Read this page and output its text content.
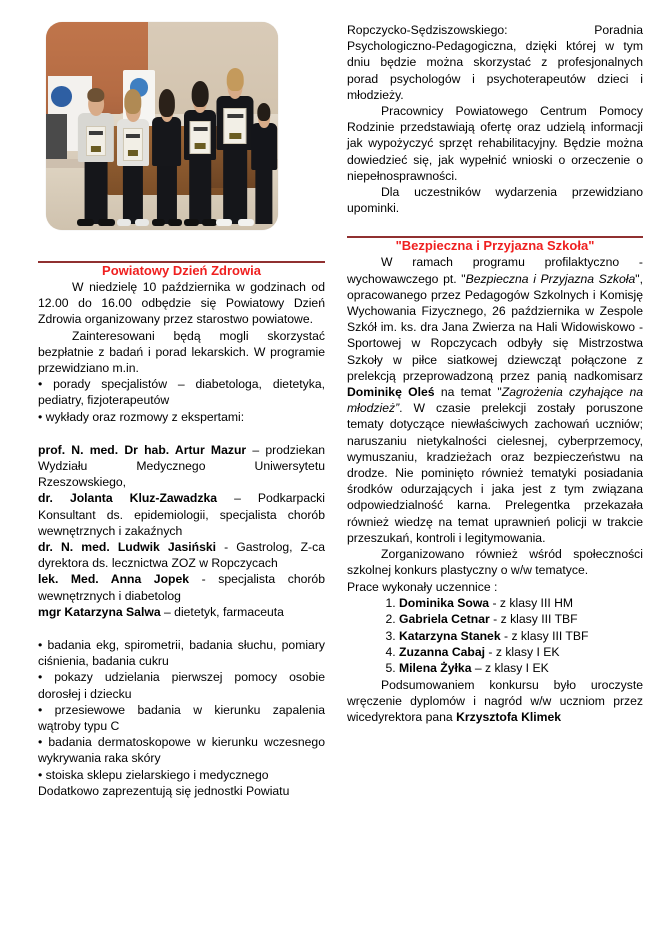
Powiatowy Dzień Zdrowia

W niedzielę 10 października w godzinach od 12.00 do 16.00 odbędzie się Powiatowy Dzień Zdrowia organizowany przez starostwo powiatowe.

Zainteresowani będą mogli skorzystać bezpłatnie z badań i porad lekarskich. W programie przewidziano m.in.

• porady specjalistów – diabetologa, dietetyka, pediatry, fizjoterapeutów

• wykłady oraz rozmowy z ekspertami:

prof. N. med. Dr hab. Artur Mazur – prodziekan Wydziału Medycznego Uniwersytetu Rzeszowskiego,

dr. Jolanta Kluz-Zawadzka – Podkarpacki Konsultant ds. epidemiologii, specjalista chorób wewnętrznych i zakaźnych

dr. N. med. Ludwik Jasiński - Gastrolog, Z-ca dyrektora ds. lecznictwa ZOZ w Ropczycach

lek. Med. Anna Jopek - specjalista chorób wewnętrznych i diabetolog

mgr Katarzyna Salwa – dietetyk, farmaceuta

• badania ekg, spirometrii, badania słuchu, pomiary ciśnienia, badania cukru

• pokazy udzielania pierwszej pomocy osobie dorosłej i dziecku

• przesiewowe badania w kierunku zapalenia wątroby typu C

• badania dermatoskopowe w kierunku wczesnego wykrywania raka skóry

• stoiska sklepu zielarskiego i medycznego

Dodatkowo zaprezentują się jednostki Powiatu

Ropczycko-Sędziszowskiego: Poradnia Psychologiczno-Pedagogiczna, dzięki której w tym dniu będzie można skorzystać z profesjonalnych porad psychologów i psychoterapeutów dzieci i młodzieży.

Pracownicy Powiatowego Centrum Pomocy Rodzinie przedstawiają ofertę oraz udzielą informacji jak wypożyczyć sprzęt rehabilitacyjny. Będzie można dowiedzieć się, jak wypełnić wnioski o orzeczenie o niepełnosprawności.

Dla uczestników wydarzenia przewidziano upominki.

"Bezpieczna i Przyjazna Szkoła"

W ramach programu profilaktyczno - wychowawczego pt. "Bezpieczna i Przyjazna Szkoła", opracowanego przez Pedagogów Szkolnych i Komisję Wychowania Fizycznego, 26 października w Zespole Szkół im. ks. dra Jana Zwierza na Hali Widowiskowo -Sportowej w Ropczycach odbyły się Mistrzostwa Szkoły w piłce siatkowej dziewcząt połączone z prelekcją przeprowadzoną przez panią nadkomisarz Dominikę Oleś na temat "Zagrożenia czyhające na młodzież”. W czasie prelekcji zostały poruszone tematy dotyczące niewłaściwych zachowań uczniów; naruszaniu nietykalności cielesnej, cyberprzemocy, wymuszaniu, kradzieżach oraz bezpieczeństwu na drodze. Nie pominięto również tematyki posiadania środków odurzających i jaka jest z tym związana odpowiedzialność karna. Prelegentka przekazała również wiedzę na temat uprawnień policji w trakcie przeszukań, kontroli i legitymowania.

Zorganizowano również wśród społeczności szkolnej konkurs plastyczny o w/w tematyce.

Prace wykonały uczennice :

1. Dominika Sowa - z klasy III HM
2. Gabriela Cetnar - z klasy III TBF
3. Katarzyna Stanek - z klasy III TBF
4. Zuzanna Cabaj - z klasy I EK
5. Milena Żyłka – z klasy I EK

Podsumowaniem konkursu było uroczyste wręczenie dyplomów i nagród w/w uczniom przez wicedyrektora pana Krzysztofa Klimek
